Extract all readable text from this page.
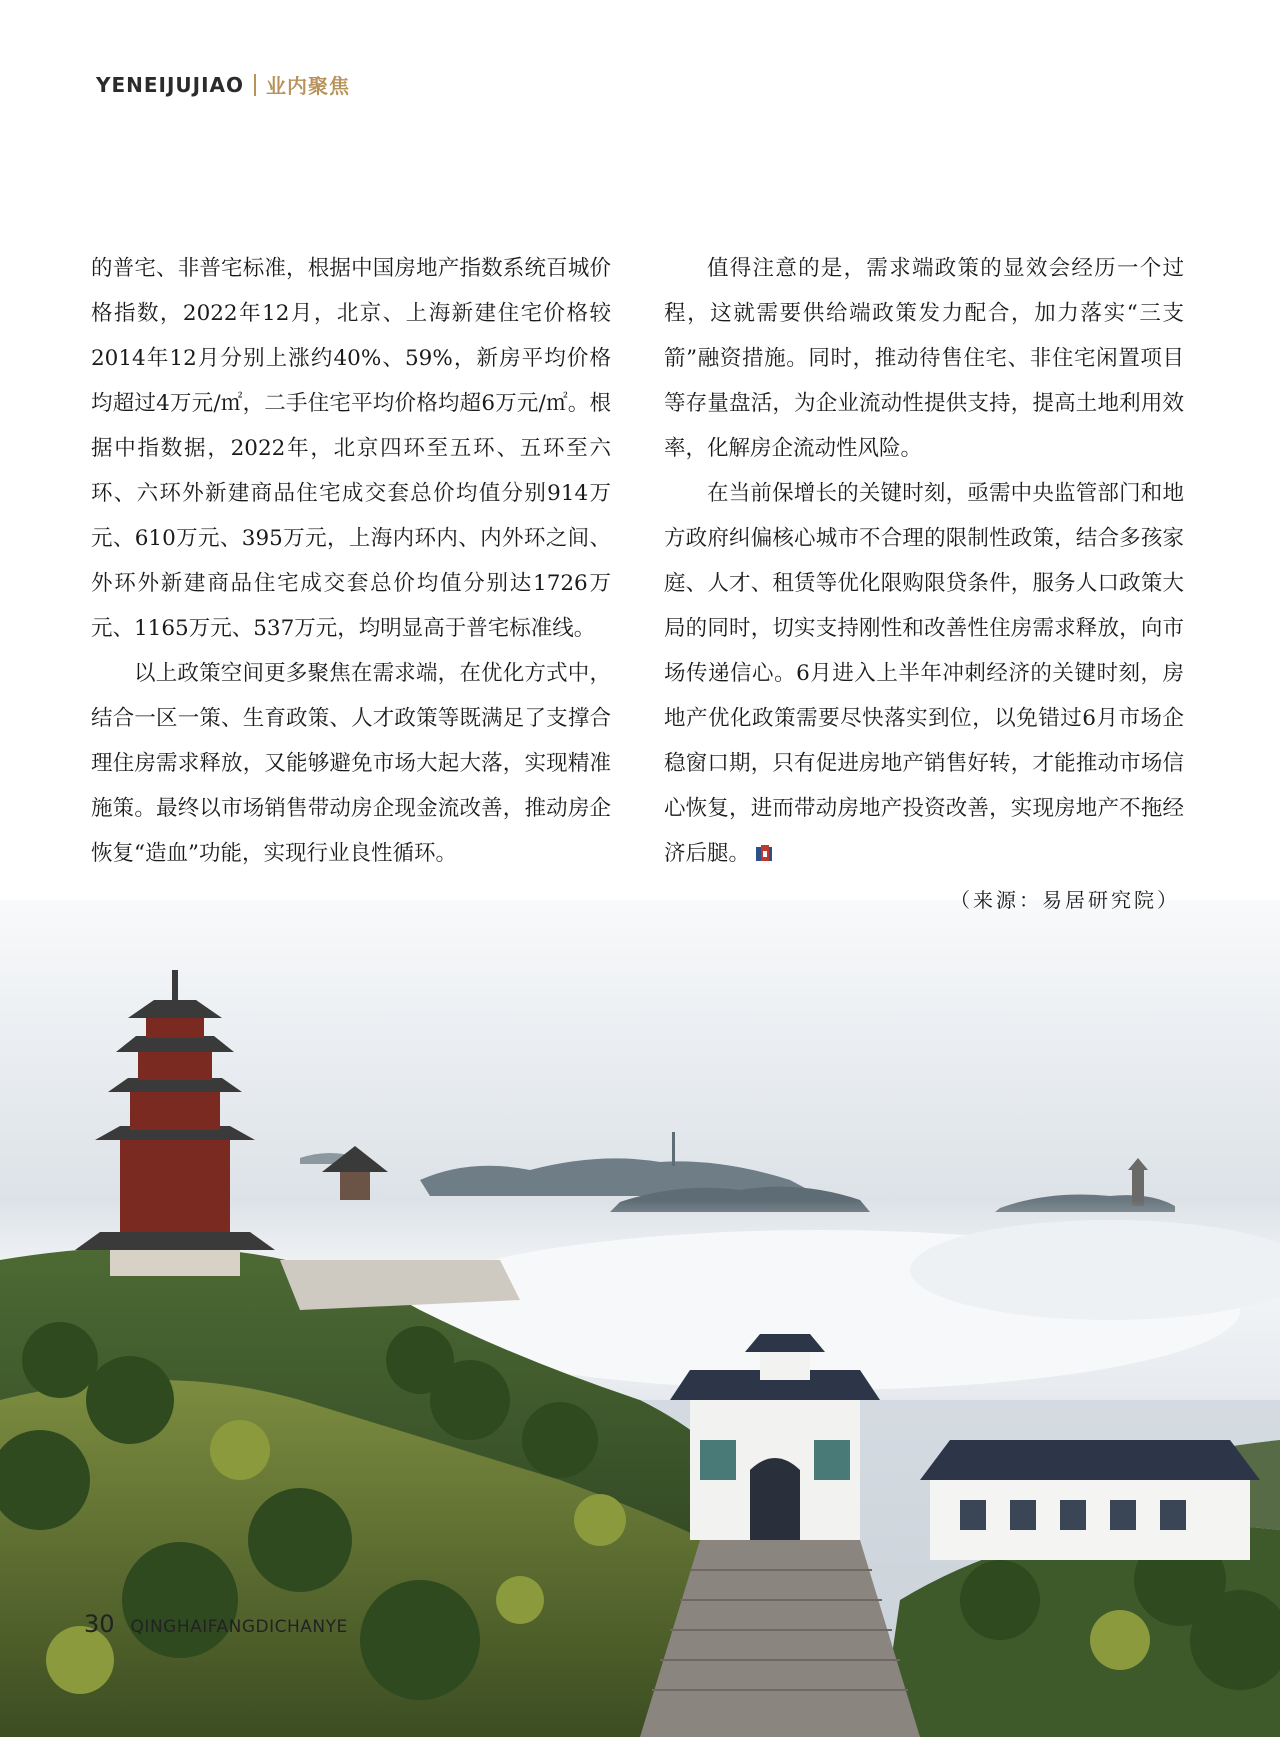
YENEIJUJIAO 业内聚焦

的普宅、非普宅标准，根据中国房地产指数系统百城价格指数，2022年12月，北京、上海新建住宅价格较2014年12月分别上涨约40%、59%，新房平均价格均超过4万元/㎡，二手住宅平均价格均超6万元/㎡。根据中指数据，2022年，北京四环至五环、五环至六环、六环外新建商品住宅成交套总价均值分别914万元、610万元、395万元，上海内环内、内外环之间、外环外新建商品住宅成交套总价均值分别达1726万元、1165万元、537万元，均明显高于普宅标准线。

以上政策空间更多聚焦在需求端，在优化方式中，结合一区一策、生育政策、人才政策等既满足了支撑合理住房需求释放，又能够避免市场大起大落，实现精准施策。最终以市场销售带动房企现金流改善，推动房企恢复“造血”功能，实现行业良性循环。

值得注意的是，需求端政策的显效会经历一个过程，这就需要供给端政策发力配合，加力落实“三支箭”融资措施。同时，推动待售住宅、非住宅闲置项目等存量盘活，为企业流动性提供支持，提高土地利用效率，化解房企流动性风险。

在当前保增长的关键时刻，亟需中央监管部门和地方政府纠偏核心城市不合理的限制性政策，结合多孩家庭、人才、租赁等优化限购限贷条件，服务人口政策大局的同时，切实支持刚性和改善性住房需求释放，向市场传递信心。6月进入上半年冲刺经济的关键时刻，房地产优化政策需要尽快落实到位，以免错过6月市场企稳窗口期，只有促进房地产销售好转，才能推动市场信心恢复，进而带动房地产投资改善，实现房地产不拖经济后腿。

（来源：易居研究院）
30 QINGHAIFANGDICHANYE
